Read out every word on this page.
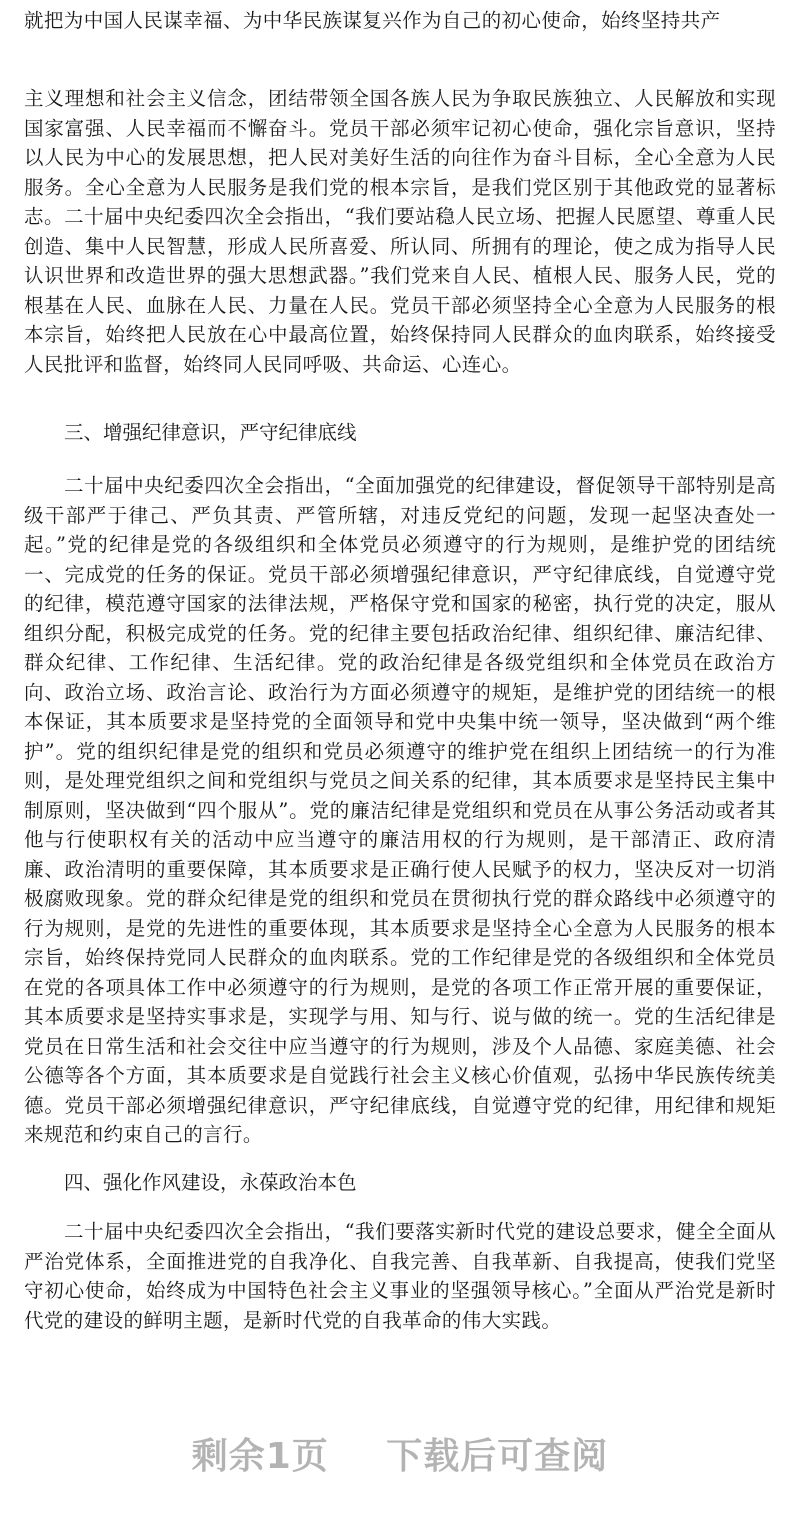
就把为中国人民谋幸福、为中华民族谋复兴作为自己的初心使命，始终坚持共产

主义理想和社会主义信念，团结带领全国各族人民为争取民族独立、人民解放和实现国家富强、人民幸福而不懈奋斗。党员干部必须牢记初心使命，强化宗旨意识，坚持以人民为中心的发展思想，把人民对美好生活的向往作为奋斗目标，全心全意为人民服务。全心全意为人民服务是我们党的根本宗旨，是我们党区别于其他政党的显著标志。二十届中央纪委四次全会指出，“我们要站稳人民立场、把握人民愿望、尊重人民创造、集中人民智慧，形成人民所喜爱、所认同、所拥有的理论，使之成为指导人民认识世界和改造世界的强大思想武器。”我们党来自人民、植根人民、服务人民，党的根基在人民、血脉在人民、力量在人民。党员干部必须坚持全心全意为人民服务的根本宗旨，始终把人民放在心中最高位置，始终保持同人民群众的血肉联系，始终接受人民批评和监督，始终同人民同呼吸、共命运、心连心。

三、增强纪律意识，严守纪律底线

二十届中央纪委四次全会指出，“全面加强党的纪律建设，督促领导干部特别是高级干部严于律己、严负其责、严管所辖，对违反党纪的问题，发现一起坚决查处一起。”党的纪律是党的各级组织和全体党员必须遵守的行为规则，是维护党的团结统一、完成党的任务的保证。党员干部必须增强纪律意识，严守纪律底线，自觉遵守党的纪律，模范遵守国家的法律法规，严格保守党和国家的秘密，执行党的决定，服从组织分配，积极完成党的任务。党的纪律主要包括政治纪律、组织纪律、廉洁纪律、群众纪律、工作纪律、生活纪律。党的政治纪律是各级党组织和全体党员在政治方向、政治立场、政治言论、政治行为方面必须遵守的规矩，是维护党的团结统一的根本保证，其本质要求是坚持党的全面领导和党中央集中统一领导，坚决做到“两个维护”。党的组织纪律是党的组织和党员必须遵守的维护党在组织上团结统一的行为准则，是处理党组织之间和党组织与党员之间关系的纪律，其本质要求是坚持民主集中制原则，坚决做到“四个服从”。党的廉洁纪律是党组织和党员在从事公务活动或者其他与行使职权有关的活动中应当遵守的廉洁用权的行为规则，是干部清正、政府清廉、政治清明的重要保障，其本质要求是正确行使人民赋予的权力，坚决反对一切消极腐败现象。党的群众纪律是党的组织和党员在贯彻执行党的群众路线中必须遵守的行为规则，是党的先进性的重要体现，其本质要求是坚持全心全意为人民服务的根本宗旨，始终保持党同人民群众的血肉联系。党的工作纪律是党的各级组织和全体党员在党的各项具体工作中必须遵守的行为规则，是党的各项工作正常开展的重要保证，其本质要求是坚持实事求是，实现学与用、知与行、说与做的统一。党的生活纪律是党员在日常生活和社会交往中应当遵守的行为规则，涉及个人品德、家庭美德、社会公德等各个方面，其本质要求是自觉践行社会主义核心价值观，弘扬中华民族传统美德。党员干部必须增强纪律意识，严守纪律底线，自觉遵守党的纪律，用纪律和规矩来规范和约束自己的言行。

四、强化作风建设，永葆政治本色

二十届中央纪委四次全会指出，“我们要落实新时代党的建设总要求，健全全面从严治党体系，全面推进党的自我净化、自我完善、自我革新、自我提高，使我们党坚守初心使命，始终成为中国特色社会主义事业的坚强领导核心。”全面从严治党是新时代党的建设的鲜明主题，是新时代党的自我革命的伟大实践。

剩余1页 下载后可查阅
